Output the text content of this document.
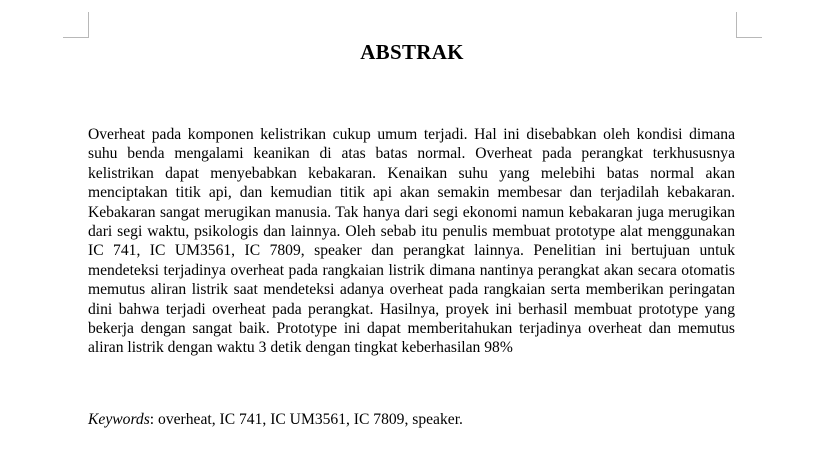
ABSTRAK

Overheat pada komponen kelistrikan cukup umum terjadi. Hal ini disebabkan oleh kondisi dimana suhu benda mengalami keanikan di atas batas normal. Overheat pada perangkat terkhususnya kelistrikan dapat menyebabkan kebakaran. Kenaikan suhu yang melebihi batas normal akan menciptakan titik api, dan kemudian titik api akan semakin membesar dan terjadilah kebakaran. Kebakaran sangat merugikan manusia. Tak hanya dari segi ekonomi namun kebakaran juga merugikan dari segi waktu, psikologis dan lainnya. Oleh sebab itu penulis membuat prototype alat menggunakan IC 741, IC UM3561, IC 7809, speaker dan perangkat lainnya. Penelitian ini bertujuan untuk mendeteksi terjadinya overheat pada rangkaian listrik dimana nantinya perangkat akan secara otomatis memutus aliran listrik saat mendeteksi adanya overheat pada rangkaian serta memberikan peringatan dini bahwa terjadi overheat pada perangkat. Hasilnya, proyek ini berhasil membuat prototype yang bekerja dengan sangat baik. Prototype ini dapat memberitahukan terjadinya overheat dan memutus aliran listrik dengan waktu 3 detik dengan tingkat keberhasilan 98%

Keywords: overheat, IC 741, IC UM3561, IC 7809, speaker.
